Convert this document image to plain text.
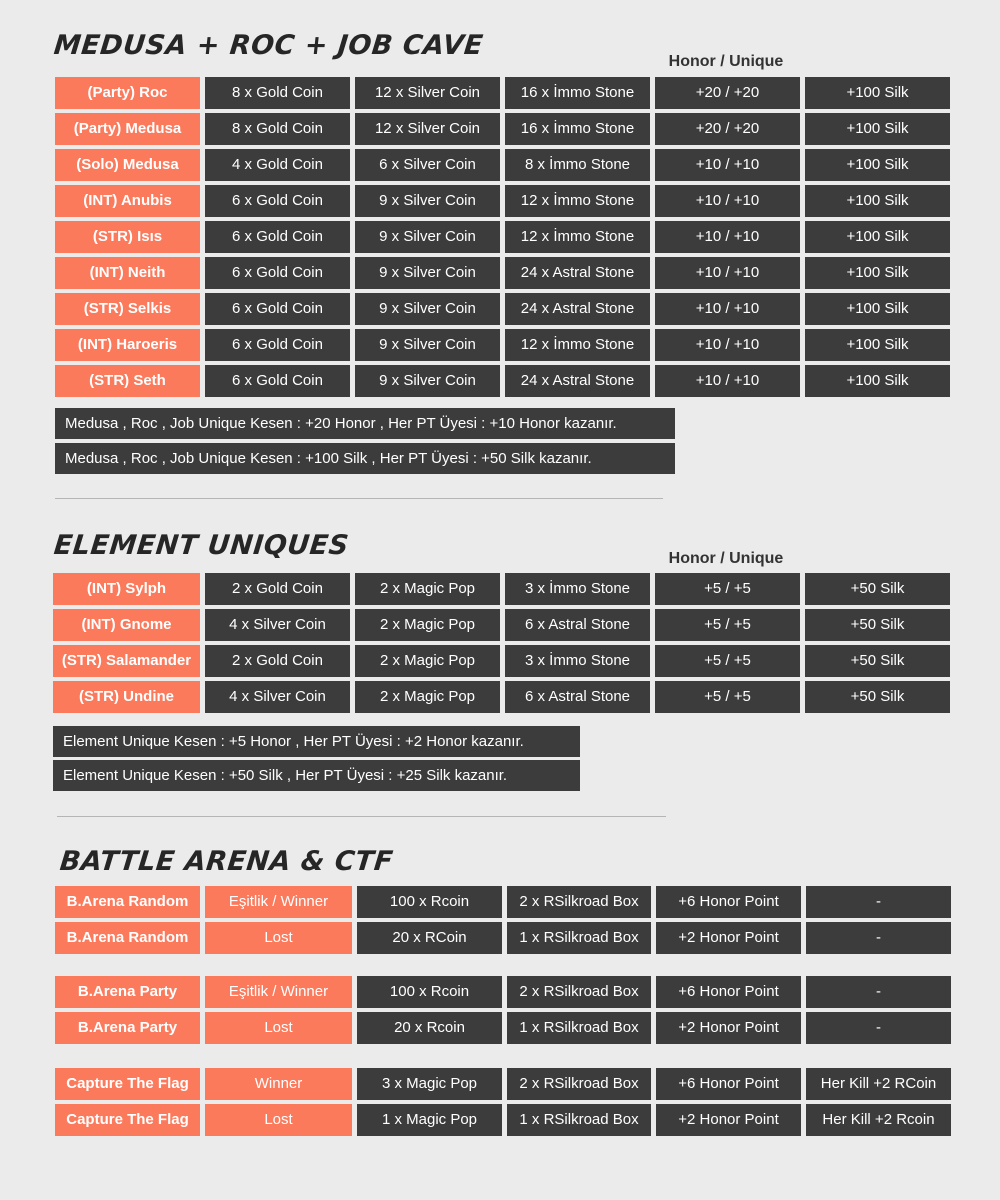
MEDUSA + ROC + JOB CAVE
Honor / Unique
(Party) Roc	8 x Gold Coin	12 x Silver Coin	16 x İmmo Stone	+20 / +20	+100 Silk
(Party) Medusa	8 x Gold Coin	12 x Silver Coin	16 x İmmo Stone	+20 / +20	+100 Silk
(Solo) Medusa	4 x Gold Coin	6 x Silver Coin	8 x İmmo Stone	+10 / +10	+100 Silk
(INT) Anubis	6 x Gold Coin	9 x Silver Coin	12 x İmmo Stone	+10 / +10	+100 Silk
(STR) Isıs	6 x Gold Coin	9 x Silver Coin	12 x İmmo Stone	+10 / +10	+100 Silk
(INT) Neith	6 x Gold Coin	9 x Silver Coin	24 x Astral Stone	+10 / +10	+100 Silk
(STR) Selkis	6 x Gold Coin	9 x Silver Coin	24 x Astral Stone	+10 / +10	+100 Silk
(INT) Haroeris	6 x Gold Coin	9 x Silver Coin	12 x İmmo Stone	+10 / +10	+100 Silk
(STR) Seth	6 x Gold Coin	9 x Silver Coin	24 x Astral Stone	+10 / +10	+100 Silk
Medusa , Roc , Job Unique Kesen : +20 Honor , Her PT Üyesi : +10 Honor kazanır.
Medusa , Roc , Job Unique Kesen : +100 Silk , Her PT Üyesi : +50 Silk kazanır.
ELEMENT UNIQUES	Honor / Unique
(INT) Sylph	2 x Gold Coin	2 x Magic Pop	3 x İmmo Stone	+5 / +5	+50 Silk
(INT) Gnome	4 x Silver Coin	2 x Magic Pop	6 x Astral Stone	+5 / +5	+50 Silk
(STR) Salamander	2 x Gold Coin	2 x Magic Pop	3 x İmmo Stone	+5 / +5	+50 Silk
(STR) Undine	4 x Silver Coin	2 x Magic Pop	6 x Astral Stone	+5 / +5	+50 Silk
Element Unique Kesen : +5 Honor , Her PT Üyesi : +2 Honor kazanır.
Element Unique Kesen : +50 Silk , Her PT Üyesi : +25 Silk kazanır.
BATTLE ARENA & CTF
B.Arena Random	Eşitlik / Winner	100 x Rcoin	2 x RSilkroad Box	+6 Honor Point	-
B.Arena Random	Lost	20 x RCoin	1 x RSilkroad Box	+2 Honor Point	-
B.Arena Party	Eşitlik / Winner	100 x Rcoin	2 x RSilkroad Box	+6 Honor Point	-
B.Arena Party	Lost	20 x Rcoin	1 x RSilkroad Box	+2 Honor Point	-
Capture The Flag	Winner	3 x Magic Pop	2 x RSilkroad Box	+6 Honor Point	Her Kill +2 RCoin
Capture The Flag	Lost	1 x Magic Pop	1 x RSilkroad Box	+2 Honor Point	Her Kill +2 Rcoin
